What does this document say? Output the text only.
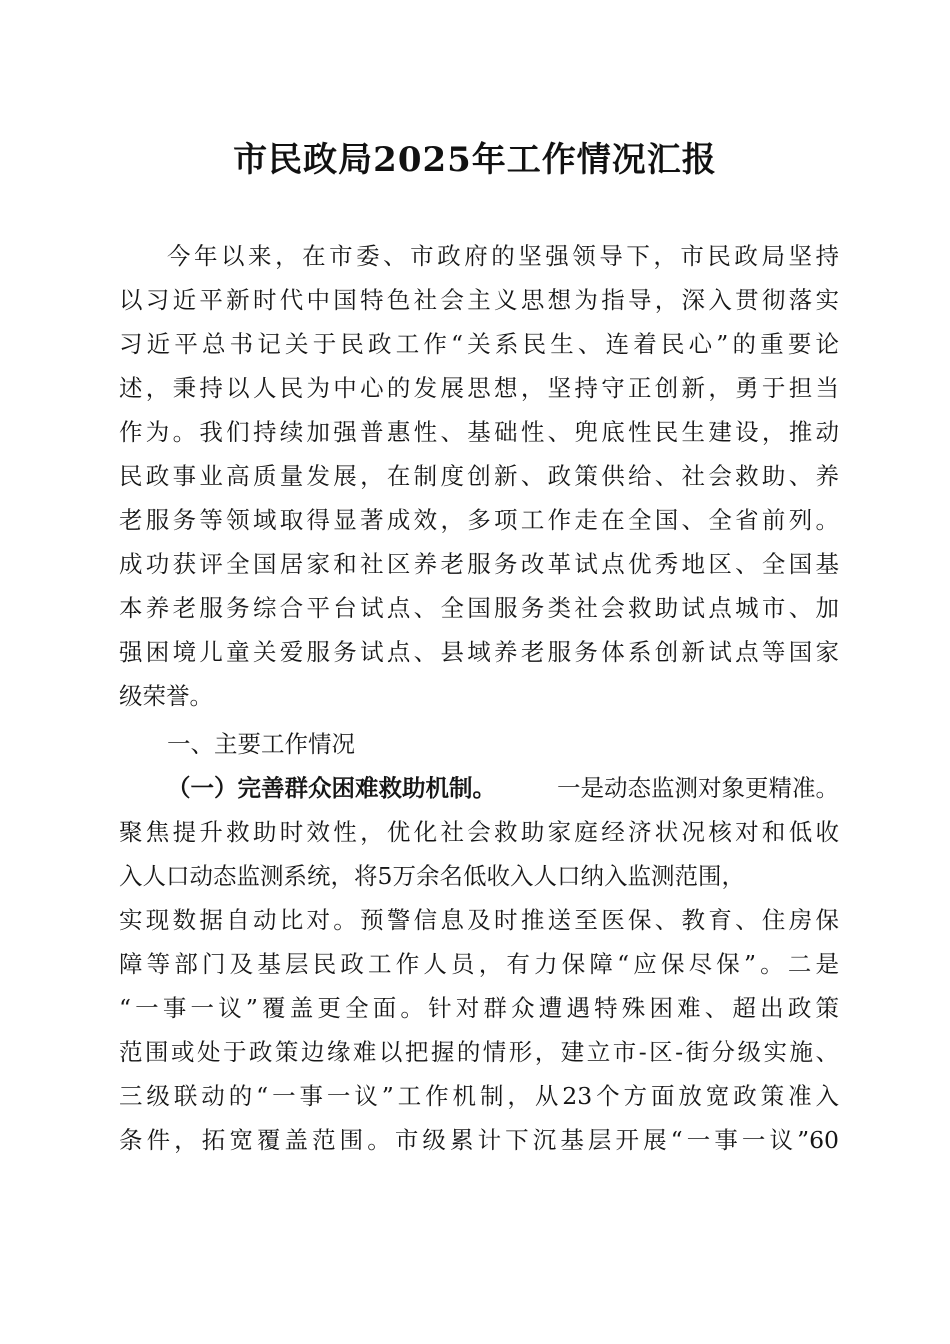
市民政局2025年工作情况汇报
今年以来，在市委、市政府的坚强领导下，市民政局坚持
以习近平新时代中国特色社会主义思想为指导，深入贯彻落实
习近平总书记关于民政工作“关系民生、连着民心”的重要论
述，秉持以人民为中心的发展思想，坚持守正创新，勇于担当
作为。我们持续加强普惠性、基础性、兜底性民生建设，推动
民政事业高质量发展，在制度创新、政策供给、社会救助、养
老服务等领域取得显著成效，多项工作走在全国、全省前列。
成功获评全国居家和社区养老服务改革试点优秀地区、全国基
本养老服务综合平台试点、全国服务类社会救助试点城市、加
强困境儿童关爱服务试点、县域养老服务体系创新试点等国家
级荣誉。
一、主要工作情况
（一）完善群众困难救助机制。	一是动态监测对象更精准。
聚焦提升救助时效性，优化社会救助家庭经济状况核对和低收
入人口动态监测系统，将5万余名低收入人口纳入监测范围，
实现数据自动比对。预警信息及时推送至医保、教育、住房保
障等部门及基层民政工作人员，有力保障“应保尽保”。二是
“一事一议”覆盖更全面。针对群众遭遇特殊困难、超出政策
范围或处于政策边缘难以把握的情形，建立市-区-街分级实施、
三级联动的“一事一议”工作机制，从23个方面放宽政策准入
条件，拓宽覆盖范围。市级累计下沉基层开展“一事一议”60
